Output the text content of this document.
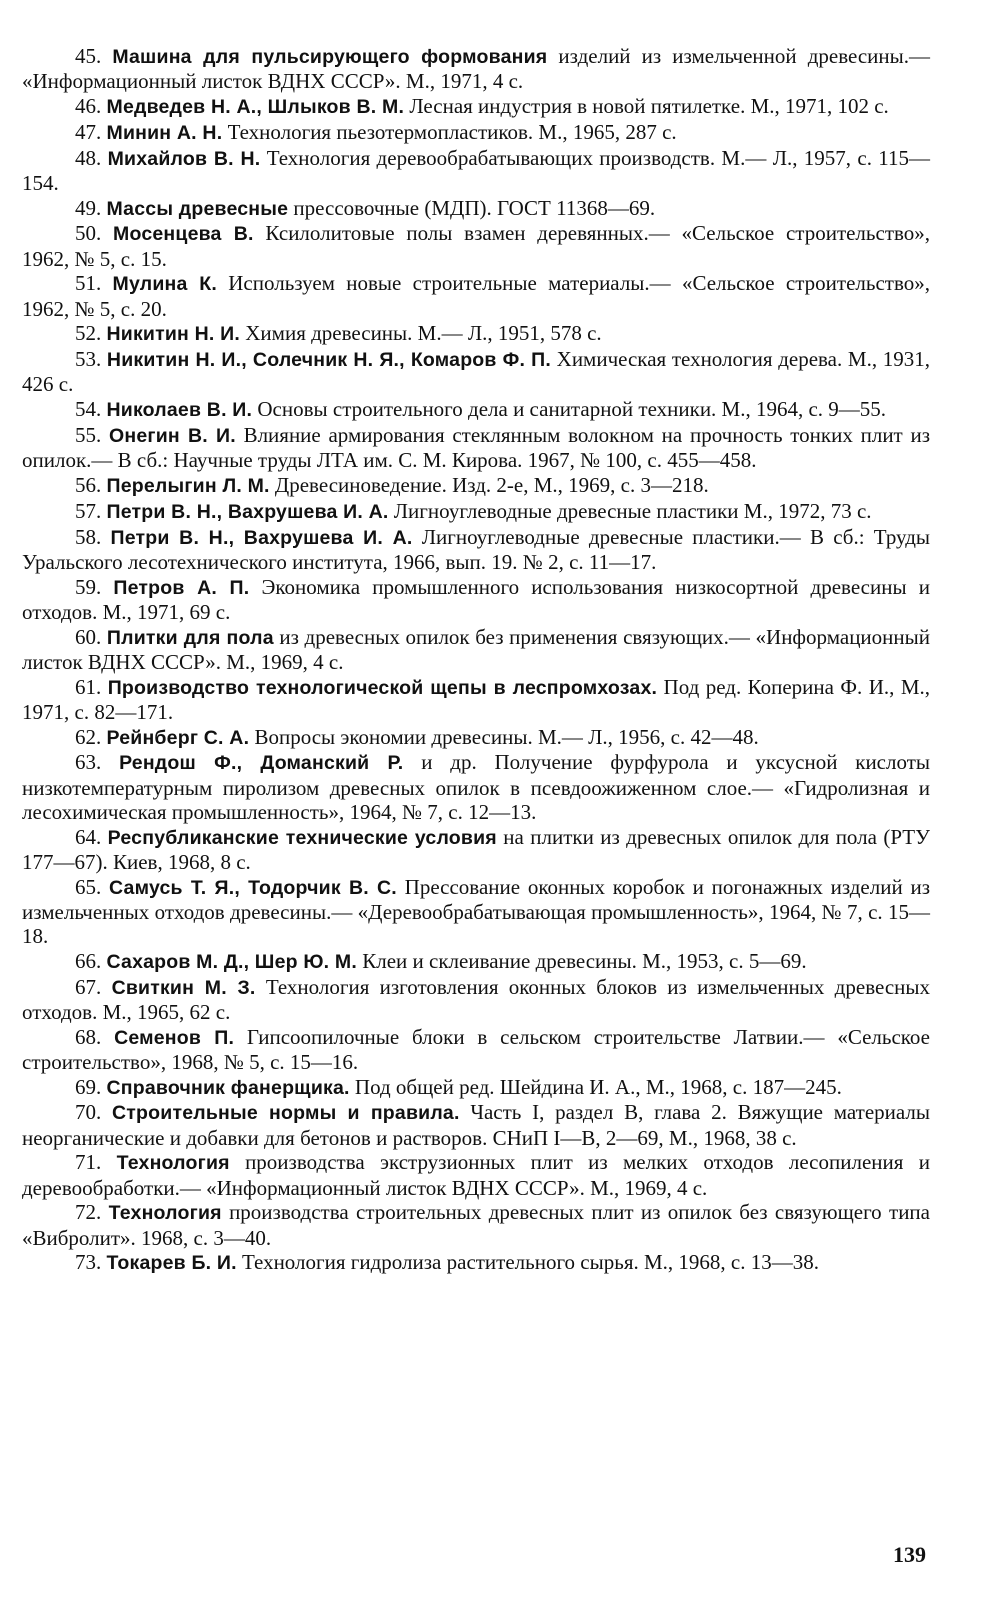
45. Машина для пульсирующего формования изделий из измельченной древесины.— «Информационный листок ВДНХ СССР». М., 1971, 4 с.
46. Медведев Н. А., Шлыков В. М. Лесная индустрия в новой пятилетке. М., 1971, 102 с.
47. Минин А. Н. Технология пьезотермопластиков. М., 1965, 287 с.
48. Михайлов В. Н. Технология деревообрабатывающих производств. М.— Л., 1957, с. 115—154.
49. Массы древесные прессовочные (МДП). ГОСТ 11368—69.
50. Мосенцева В. Ксилолитовые полы взамен деревянных.— «Сельское строительство», 1962, № 5, с. 15.
51. Мулина К. Используем новые строительные материалы.— «Сельское строительство», 1962, № 5, с. 20.
52. Никитин Н. И. Химия древесины. М.— Л., 1951, 578 с.
53. Никитин Н. И., Солечник Н. Я., Комаров Ф. П. Химическая технология дерева. М., 1931, 426 с.
54. Николаев В. И. Основы строительного дела и санитарной техники. М., 1964, с. 9—55.
55. Онегин В. И. Влияние армирования стеклянным волокном на прочность тонких плит из опилок.— В сб.: Научные труды ЛТА им. С. М. Кирова. 1967, № 100, с. 455—458.
56. Перелыгин Л. М. Древесиноведение. Изд. 2-е, М., 1969, с. 3—218.
57. Петри В. Н., Вахрушева И. А. Лигноуглеводные древесные пластики М., 1972, 73 с.
58. Петри В. Н., Вахрушева И. А. Лигноуглеводные древесные пластики.— В сб.: Труды Уральского лесотехнического института, 1966, вып. 19. № 2, с. 11—17.
59. Петров А. П. Экономика промышленного использования низкосортной древесины и отходов. М., 1971, 69 с.
60. Плитки для пола из древесных опилок без применения связующих.— «Информационный листок ВДНХ СССР». М., 1969, 4 с.
61. Производство технологической щепы в леспромхозах. Под ред. Коперина Ф. И., М., 1971, с. 82—171.
62. Рейнберг С. А. Вопросы экономии древесины. М.— Л., 1956, с. 42—48.
63. Рендош Ф., Доманский Р. и др. Получение фурфурола и уксусной кислоты низкотемпературным пиролизом древесных опилок в псевдоожиженном слое.— «Гидролизная и лесохимическая промышленность», 1964, № 7, с. 12—13.
64. Республиканские технические условия на плитки из древесных опилок для пола (РТУ 177—67). Киев, 1968, 8 с.
65. Самусь Т. Я., Тодорчик В. С. Прессование оконных коробок и погонажных изделий из измельченных отходов древесины.— «Деревообрабатывающая промышленность», 1964, № 7, с. 15—18.
66. Сахаров М. Д., Шер Ю. М. Клеи и склеивание древесины. М., 1953, с. 5—69.
67. Свиткин М. З. Технология изготовления оконных блоков из измельченных древесных отходов. М., 1965, 62 с.
68. Семенов П. Гипсоопилочные блоки в сельском строительстве Латвии.— «Сельское строительство», 1968, № 5, с. 15—16.
69. Справочник фанерщика. Под общей ред. Шейдина И. А., М., 1968, с. 187—245.
70. Строительные нормы и правила. Часть I, раздел В, глава 2. Вяжущие материалы неорганические и добавки для бетонов и растворов. СНиП I—В, 2—69, М., 1968, 38 с.
71. Технология производства экструзионных плит из мелких отходов лесопиления и деревообработки.— «Информационный листок ВДНХ СССР». М., 1969, 4 с.
72. Технология производства строительных древесных плит из опилок без связующего типа «Вибролит». 1968, с. 3—40.
73. Токарев Б. И. Технология гидролиза растительного сырья. М., 1968, с. 13—38.
139
